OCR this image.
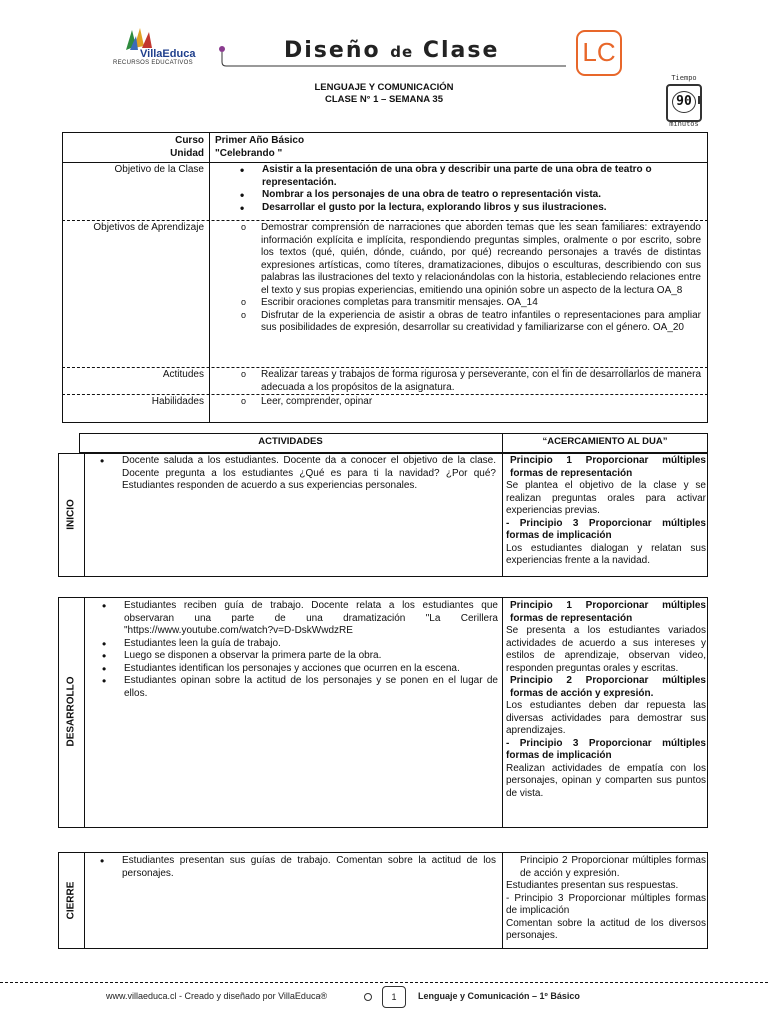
VillaEduca
RECURSOS EDUCATIVOS	Diseño de Clase	LC
Tiempo
90
minutos
LENGUAJE Y COMUNICACIÓN
CLASE N° 1 – SEMANA 35
Curso Primer Año Básico
Unidad "Celebrando "
Objetivo de la Clase	• Asistir a la presentación de una obra y describir una parte de una obra de teatro o representación.
• Nombrar a los personajes de una obra de teatro o representación vista.
• Desarrollar el gusto por la lectura, explorando libros y sus ilustraciones.
Objetivos de Aprendizaje	o Demostrar comprensión de narraciones que aborden temas que les sean familiares: extrayendo información explícita e implícita, respondiendo preguntas simples, oralmente o por escrito, sobre los textos (qué, quién, dónde, cuándo, por qué) recreando personajes a través de distintas expresiones artísticas, como títeres, dramatizaciones, dibujos o esculturas, describiendo con sus palabras las ilustraciones del texto y relacionándolas con la historia, estableciendo relaciones entre el texto y sus propias experiencias, emitiendo una opinión sobre un aspecto de la lectura OA_8
o Escribir oraciones completas para transmitir mensajes. OA_14
o Disfrutar de la experiencia de asistir a obras de teatro infantiles o representaciones para ampliar sus posibilidades de expresión, desarrollar su creatividad y familiarizarse con el género. OA_20
Actitudes	o Realizar tareas y trabajos de forma rigurosa y perseverante, con el fin de desarrollarlos de manera adecuada a los propósitos de la asignatura.
Habilidades	o Leer, comprender, opinar
ACTIVIDADES	“ACERCAMIENTO AL DUA”
INICIO
• Docente saluda a los estudiantes. Docente da a conocer el objetivo de la clase. Docente pregunta a los estudiantes ¿Qué es para ti la navidad? ¿Por qué? Estudiantes responden de acuerdo a sus experiencias personales.
Principio 1 Proporcionar múltiples formas de representación
Se plantea el objetivo de la clase y se realizan preguntas orales para activar experiencias previas.
- Principio 3 Proporcionar múltiples formas de implicación
Los estudiantes dialogan y relatan sus experiencias frente a la navidad.
DESARROLLO
• Estudiantes reciben guía de trabajo. Docente relata a los estudiantes que observaran una parte de una dramatización "La Cerillera "https://www.youtube.com/watch?v=D-DskWwdzRE
• Estudiantes leen la guía de trabajo.
• Luego se disponen a observar la primera parte de la obra.
• Estudiantes identifican los personajes y acciones que ocurren en la escena.
• Estudiantes opinan sobre la actitud de los personajes y se ponen en el lugar de ellos.
Principio 1 Proporcionar múltiples formas de representación
Se presenta a los estudiantes variados actividades de acuerdo a sus intereses y estilos de aprendizaje, observan video, responden preguntas orales y escritas.
Principio 2 Proporcionar múltiples formas de acción y expresión.
Los estudiantes deben dar repuesta las diversas actividades para demostrar sus aprendizajes.
- Principio 3 Proporcionar múltiples formas de implicación
Realizan actividades de empatía con los personajes, opinan y comparten sus puntos de vista.
CIERRE
• Estudiantes presentan sus guías de trabajo. Comentan sobre la actitud de los personajes.
Principio 2 Proporcionar múltiples formas de acción y expresión.
Estudiantes presentan sus respuestas.
- Principio 3 Proporcionar múltiples formas de implicación
Comentan sobre la actitud de los diversos personajes.
www.villaeduca.cl - Creado y diseñado por VillaEduca®	1	Lenguaje y Comunicación – 1º Básico
